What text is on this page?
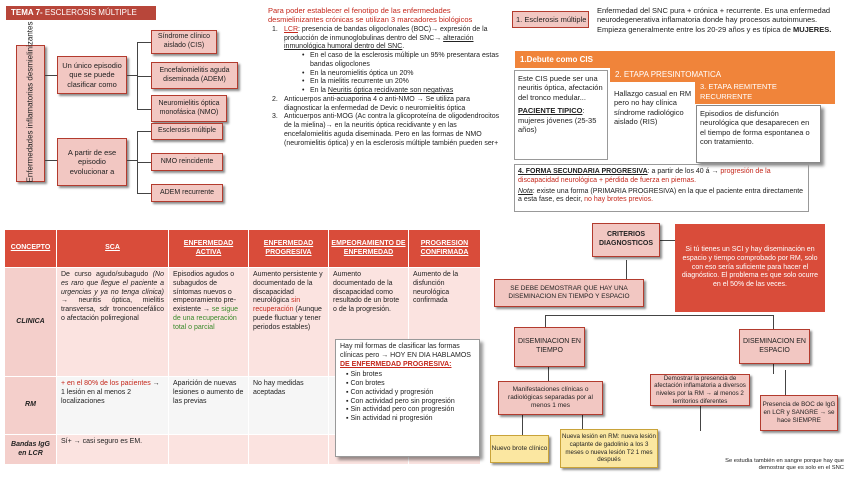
TEMA 7- ESCLEROSIS MÚLTIPLE
Enfermedades inflamatorias desmielinizantes	Un único episodio que se puede clasificar como
A partir de ese episodio evolucionar a
Síndrome clínico aislado (CIS)
Encefalomielitis aguda diseminada (ADEM)
Neuromielitis óptica monofásica (NMO)
Esclerosis múltiple
NMO reincidente
ADEM recurrente
Para poder establecer el fenotipo de las enfermedades desmielinizantes crónicas se utilizan 3 marcadores biológicos
1. LCR: presencia de bandas oligoclonales (BOC)→ expresión de la producción de inmunoglobulinas dentro del SNC→ alteración inmunológica humoral dentro del SNC.
• En el caso de la esclerosis múltiple un 95% presentara estas bandas oligoclones
• En la neuromielitis óptica un 20%
• En la mielitis recurrente un 20%
• En la Neuritis óptica recidivante son negativas
2. Anticuerpos anti-acuaporina 4 o anti-NMO → Se utiliza para diagnosticar la enfermedad de Devic o neuromielitis óptica
3. Anticuerpos anti-MOG (Ac contra la glicoproteína de oligodendrocitos de la mielina)→ en la neuritis óptica recidivante y en las encefalomielitis aguda diseminada. Pero en las formas de NMO (neuromielitis óptica) y en la esclerosis múltiple también pueden ser+
1. Esclerosis múltiple
Enfermedad del SNC pura + crónica + recurrente. Es una enfermedad neurodegenerativa inflamatoria donde hay procesos autoinmunes. Empieza generalmente entre los 20-29 años y es típica de MUJERES.
1.Debute como CIS
Este CIS puede ser una neuritis óptica, afectación del tronco medular...
PACIENTE TIPICO: mujeres jóvenes (25-35 años)
2. ETAPA PRESINTOMATICA
Hallazgo casual en RM pero no hay clínica síndrome radiológico aislado (RIS)
3. ETAPA REMITENTE RECURRENTE
Episodios de disfunción neurológica que desaparecen en el tiempo de forma espontanea o con tratamiento.
4. FORMA SECUNDARIA PROGRESIVA: a partir de los 40 á → progresión de la discapacidad neurológica + pérdida de fuerza en piernas.
Nota: existe una forma (PRIMARIA PROGRESIVA) en la que el paciente entra directamente a esta fase, es decir, no hay brotes previos.
CONCEPTO	SCA	ENFERMEDAD ACTIVA	ENFERMEDAD PROGRESIVA	EMPEORAMIENTO DE ENFERMEDAD	PROGRESION CONFIRMADA
CLINICA	De curso agudo/subagudo (No es raro que llegue el paciente a urgencias y ya no tenga clínica) → neuritis óptica, mielitis transversa, sdr troncoencefálico o afectación polirregional	Episodios agudos o subagudos de síntomas nuevos o empeoramiento pre-existente → se sigue de una recuperación total o parcial	Aumento persistente y documentado de la discapacidad neurológica sin recuperación (Aunque puede fluctuar y tener periodos estables)	Aumento documentado de la discapacidad como resultado de un brote o de la progresión.	Aumento de la disfunción neurológica confirmada
RM	+ en el 80% de los pacientes → 1 lesión en al menos 2 localizaciones	Aparición de nuevas lesiones o aumento de las previas	No hay medidas aceptadas		
Bandas IgG en LCR	Sí+ → casi seguro es EM.				
Hay mil formas de clasificar las formas clínicas pero → HOY EN DIA HABLAMOS DE ENFERMEDAD PROGRESIVA:
▪ Sin brotes
▪ Con brotes
▪ Con actividad y progresión
▪ Con actividad pero sin progresión
▪ Sin actividad pero con progresión
▪ Sin actividad ni progresión
CRITERIOS DIAGNOSTICOS
Si tú tienes un SCI y hay diseminación en espacio y tiempo comprobado por RM, solo con eso sería suficiente para hacer el diagnóstico. El problema es que solo ocurre en el 50% de las veces.
SE DEBE DEMOSTRAR QUE HAY UNA DISEMINACION EN TIEMPO Y ESPACIO
DISEMINACION EN TIEMPO
DISEMINACION EN ESPACIO
Manifestaciones clínicas o radiológicas separadas por al menos 1 mes
Nuevo brote clínico
Nueva lesión en RM: nueva lesión captante de gadolinio a los 3 meses o nueva lesión T2 1 mes después
Demostrar la presencia de afectación inflamatoria a diversos niveles por la RM → al menos 2 territorios diferentes	Presencia de BOC de IgG en LCR y SANGRE → se hace SIEMPRE
Se estudia también en sangre porque hay que demostrar que es solo en el SNC
